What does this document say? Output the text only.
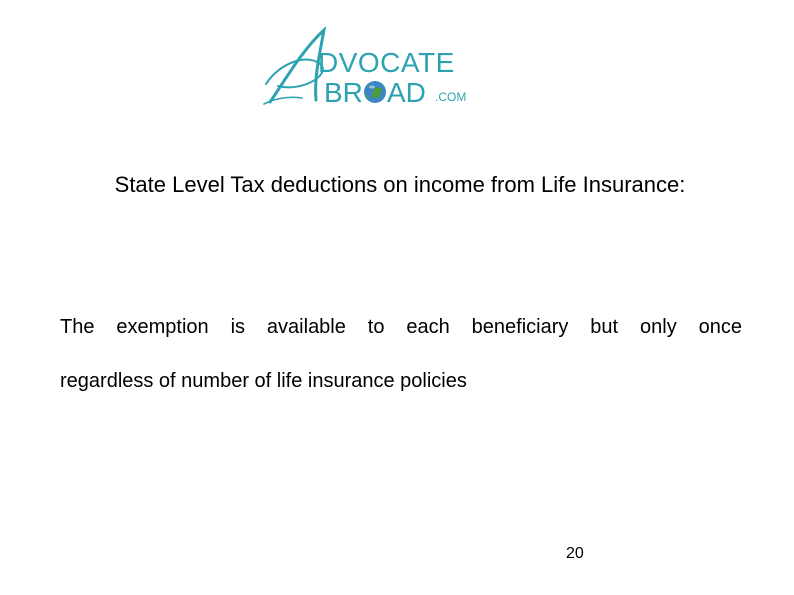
DVOCATE
BR AD .COM
State Level Tax deductions on income from Life Insurance:
The exemption is available to each beneficiary but only once
regardless of number of life insurance policies
20
